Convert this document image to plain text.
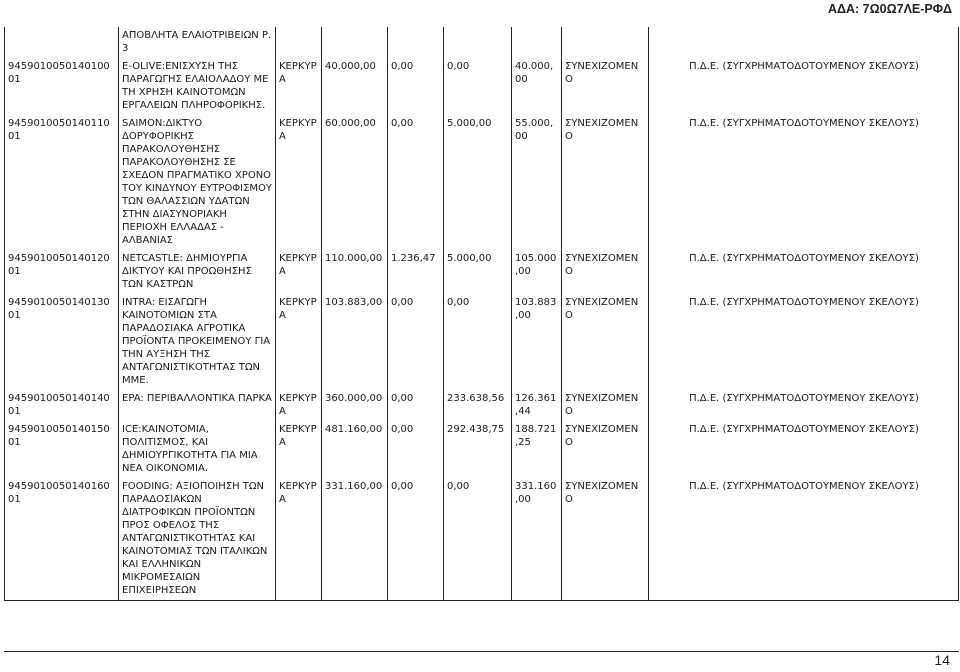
ΑΔΑ: 7Ω0Ω7ΛΕ-ΡΦΔ
	ΑΠΟΒΛΗΤΑ ΕΛΑΙΟΤΡΙΒΕΙΩΝ Ρ. 3							
9459010050140100​01	E-OLIVE:ΕΝΙΣΧΥΣΗ ΤΗΣ ΠΑΡΑΓΩΓΗΣ ΕΛΑΙΟΛΑΔΟΥ ΜΕ ΤΗ ΧΡΗΣΗ ΚΑΙΝΟΤΟΜΩΝ ΕΡΓΑΛΕΙΩΝ ΠΛΗΡΟΦΟΡΙΚΗΣ.	ΚΕΡΚΥΡΑ	40.000,00	0,00	0,00	40.000,00	ΣΥΝΕΧΙΖΟΜΕΝΟ	Π.Δ.Ε. (ΣΥΓΧΡΗΜΑΤΟΔΟΤΟΥΜΕΝΟΥ ΣΚΕΛΟΥΣ)
945901005014011001	SAIMON:ΔΙΚΤΥΟ ΔΟΡΥΦΟΡΙΚΗΣ ΠΑΡΑΚΟΛΟΥΘΗΣΗΣ ΠΑΡΑΚΟΛΟΥΘΗΣΗΣ ΣΕ ΣΧΕΔΟΝ ΠΡΑΓΜΑΤΙΚΟ ΧΡΟΝΟ ΤΟΥ ΚΙΝΔΥΝΟΥ ΕΥΤΡΟΦΙΣΜΟΥ ΤΩΝ ΘΑΛΑΣΣΙΩΝ ΥΔΑΤΩΝ ΣΤΗΝ ΔΙΑΣΥΝΟΡΙΑΚΗ ΠΕΡΙΟΧΗ ΕΛΛΑΔΑΣ - ΑΛΒΑΝΙΑΣ	ΚΕΡΚΥΡΑ	60.000,00	0,00	5.000,00	55.000,00	ΣΥΝΕΧΙΖΟΜΕΝΟ	Π.Δ.Ε. (ΣΥΓΧΡΗΜΑΤΟΔΟΤΟΥΜΕΝΟΥ ΣΚΕΛΟΥΣ)
945901005014012001	NETCASTLE: ΔΗΜΙΟΥΡΓΙΑ ΔΙΚΤΥΟΥ ΚΑΙ ΠΡΟΩΘΗΣΗΣ ΤΩΝ ΚΑΣΤΡΩΝ	ΚΕΡΚΥΡΑ	110.000,00	1.236,47	5.000,00	105.000,00	ΣΥΝΕΧΙΖΟΜΕΝΟ	Π.Δ.Ε. (ΣΥΓΧΡΗΜΑΤΟΔΟΤΟΥΜΕΝΟΥ ΣΚΕΛΟΥΣ)
945901005014013001	INTRA: ΕΙΣΑΓΩΓΗ ΚΑΙΝΟΤΟΜΙΩΝ ΣΤΑ ΠΑΡΑΔΟΣΙΑΚΑ ΑΓΡΟΤΙΚΑ ΠΡΟΪΟΝΤΑ ΠΡΟΚΕΙΜΕΝΟΥ ΓΙΑ ΤΗΝ ΑΥΞΗΣΗ ΤΗΣ ΑΝΤΑΓΩΝΙΣΤΙΚΟΤΗΤΑΣ ΤΩΝ ΜΜΕ.	ΚΕΡΚΥΡΑ	103.883,00	0,00	0,00	103.883,00	ΣΥΝΕΧΙΖΟΜΕΝΟ	Π.Δ.Ε. (ΣΥΓΧΡΗΜΑΤΟΔΟΤΟΥΜΕΝΟΥ ΣΚΕΛΟΥΣ)
945901005014014001	EPA: ΠΕΡΙΒΑΛΛΟΝΤΙΚΑ ΠΑΡΚΑ	ΚΕΡΚΥΡΑ	360.000,00	0,00	233.638,56	126.361,44	ΣΥΝΕΧΙΖΟΜΕΝΟ	Π.Δ.Ε. (ΣΥΓΧΡΗΜΑΤΟΔΟΤΟΥΜΕΝΟΥ ΣΚΕΛΟΥΣ)
945901005014015001	ICE:ΚΑΙΝΟΤΟΜΙΑ, ΠΟΛΙΤΙΣΜΟΣ, ΚΑΙ ΔΗΜΙΟΥΡΓΙΚΟΤΗΤΑ ΓΙΑ ΜΙΑ ΝΕΑ ΟΙΚΟΝΟΜΙΑ.	ΚΕΡΚΥΡΑ	481.160,00	0,00	292.438,75	188.721,25	ΣΥΝΕΧΙΖΟΜΕΝΟ	Π.Δ.Ε. (ΣΥΓΧΡΗΜΑΤΟΔΟΤΟΥΜΕΝΟΥ ΣΚΕΛΟΥΣ)
945901005014016001	FOODING: ΑΞΙΟΠΟΙΗΣΗ ΤΩΝ ΠΑΡΑΔΟΣΙΑΚΩΝ ΔΙΑΤΡΟΦΙΚΩΝ ΠΡΟΪΟΝΤΩΝ ΠΡΟΣ ΟΦΕΛΟΣ ΤΗΣ ΑΝΤΑΓΩΝΙΣΤΙΚΟΤΗΤΑΣ ΚΑΙ ΚΑΙΝΟΤΟΜΙΑΣ ΤΩΝ ΙΤΑΛΙΚΩΝ ΚΑΙ ΕΛΛΗΝΙΚΩΝ ΜΙΚΡΟΜΕΣΑΙΩΝ ΕΠΙΧΕΙΡΗΣΕΩΝ	ΚΕΡΚΥΡΑ	331.160,00	0,00	0,00	331.160,00	ΣΥΝΕΧΙΖΟΜΕΝΟ	Π.Δ.Ε. (ΣΥΓΧΡΗΜΑΤΟΔΟΤΟΥΜΕΝΟΥ ΣΚΕΛΟΥΣ)
14
